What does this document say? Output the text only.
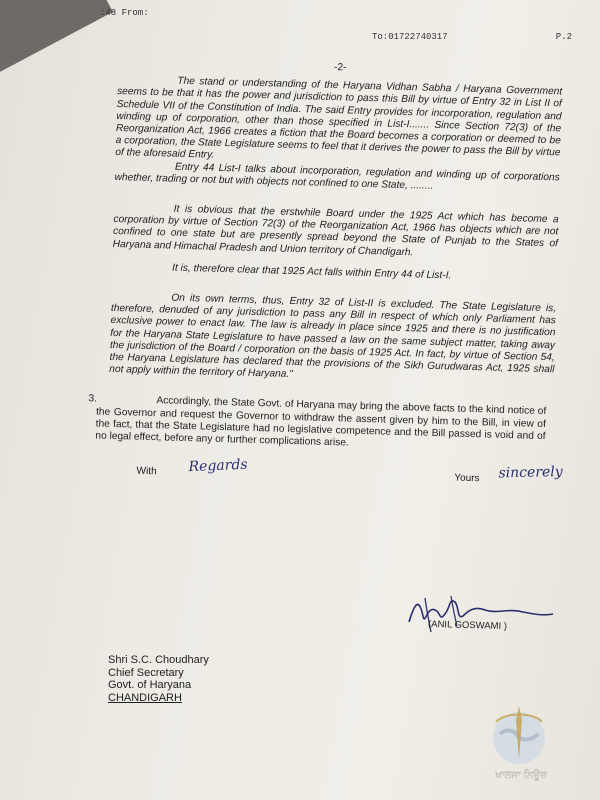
:48 From:
To:01722740317	P.2

-2-

The stand or understanding of the Haryana Vidhan Sabha / Haryana Government seems to be that it has the power and jurisdiction to pass this Bill by virtue of Entry 32 in List II of Schedule VII of the Constitution of India. The said Entry provides for incorporation, regulation and winding up of corporation, other than those specified in List-I....... Since Section 72(3) of the Reorganization Act, 1966 creates a fiction that the Board becomes a corporation or deemed to be a corporation, the State Legislature seems to feel that it derives the power to pass the Bill by virtue of the aforesaid Entry.

Entry 44 List-I talks about incorporation, regulation and winding up of corporations whether, trading or not but with objects not confined to one State, ........

It is obvious that the erstwhile Board under the 1925 Act which has become a corporation by virtue of Section 72(3) of the Reorganization Act, 1966 has objects which are not confined to one state but are presently spread beyond the State of Punjab to the States of Haryana and Himachal Pradesh and Union territory of Chandigarh.

It is, therefore clear that 1925 Act falls within Entry 44 of List-I.

On its own terms, thus, Entry 32 of List-II is excluded. The State Legislature is, therefore, denuded of any jurisdiction to pass any Bill in respect of which only Parliament has exclusive power to enact law. The law is already in place since 1925 and there is no justification for the Haryana State Legislature to have passed a law on the same subject matter, taking away the jurisdiction of the Board / corporation on the basis of 1925 Act. In fact, by virtue of Section 54, the Haryana Legislature has declared that the provisions of the Sikh Gurudwaras Act, 1925 shall not apply within the territory of Haryana."

3.	Accordingly, the State Govt. of Haryana may bring the above facts to the kind notice of the Governor and request the Governor to withdraw the assent given by him to the Bill, in view of the fact, that the State Legislature had no legislative competence and the Bill passed is void and of no legal effect, before any or further complications arise.

With Regards
Yours sincerely
(ANIL GOSWAMI )
Shri S.C. Choudhary
Chief Secretary
Govt. of Haryana
CHANDIGARH
ਖ਼ਾਲਸਾ ਨਿਊਜ਼
